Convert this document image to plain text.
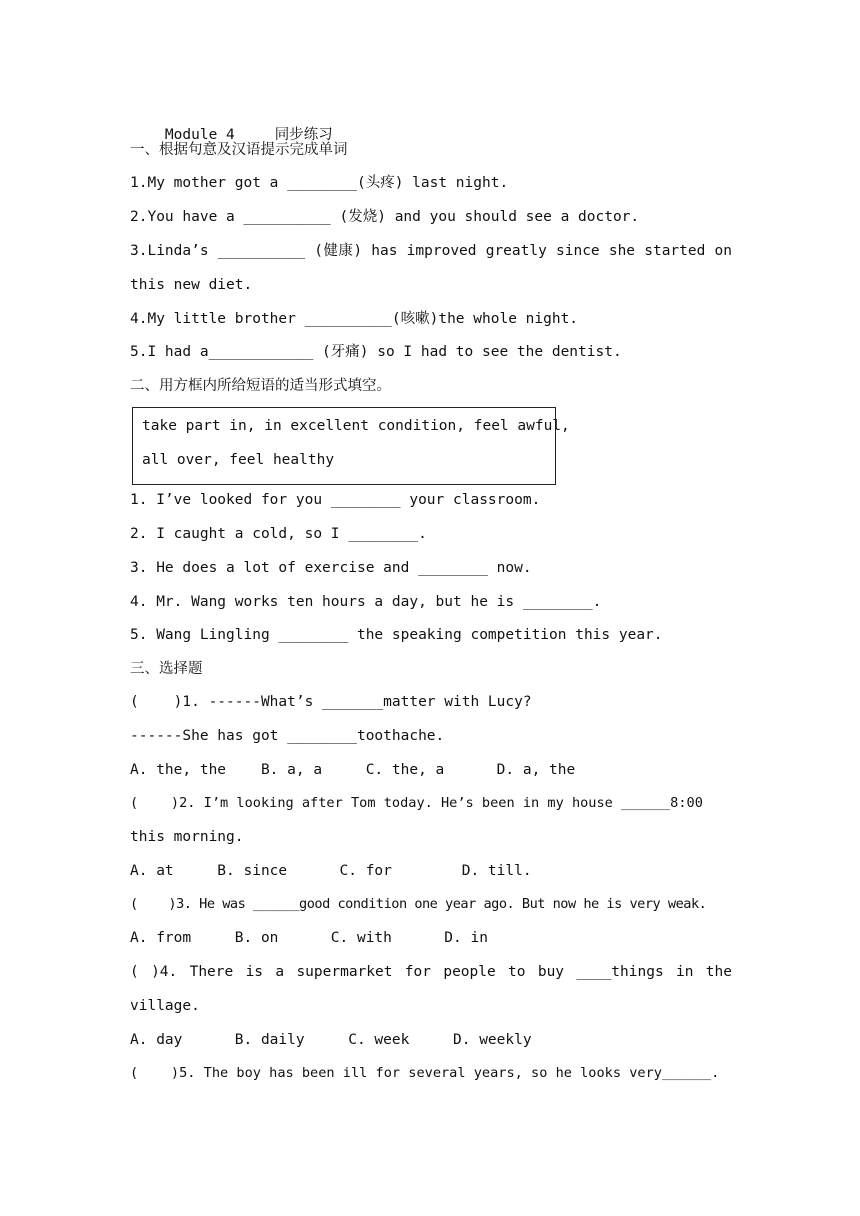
Module 4	同步练习

一、根据句意及汉语提示完成单词
1.My mother got a ________(头疼) last night.
2.You have a __________ (发烧) and you should see a doctor.
3.Linda’s __________ (健康) has improved greatly since she started on
this new diet.
4.My little brother __________(咳嗽)the whole night.
5.I had a____________ (牙痛) so I had to see the dentist.
二、用方框内所给短语的适当形式填空。
take part in, in excellent condition, feel awful,
all over, feel healthy
1. I’ve looked for you ________ your classroom.
2. I caught a cold, so I ________.
3. He does a lot of exercise and ________ now.
4. Mr. Wang works ten hours a day, but he is ________.
5. Wang Lingling ________ the speaking competition this year.
三、选择题
(    )1. ------What’s _______matter with Lucy?
------She has got ________toothache.
A. the, the    B. a, a     C. the, a      D. a, the
(    )2. I’m looking after Tom today. He’s been in my house ______8:00
this morning.
A. at     B. since      C. for        D. till.
(    )3. He was ______good condition one year ago. But now he is very weak.
A. from     B. on      C. with      D. in
( )4. There is a supermarket for people to buy ____things in the
village.
A. day      B. daily     C. week     D. weekly
(    )5. The boy has been ill for several years, so he looks very______.
